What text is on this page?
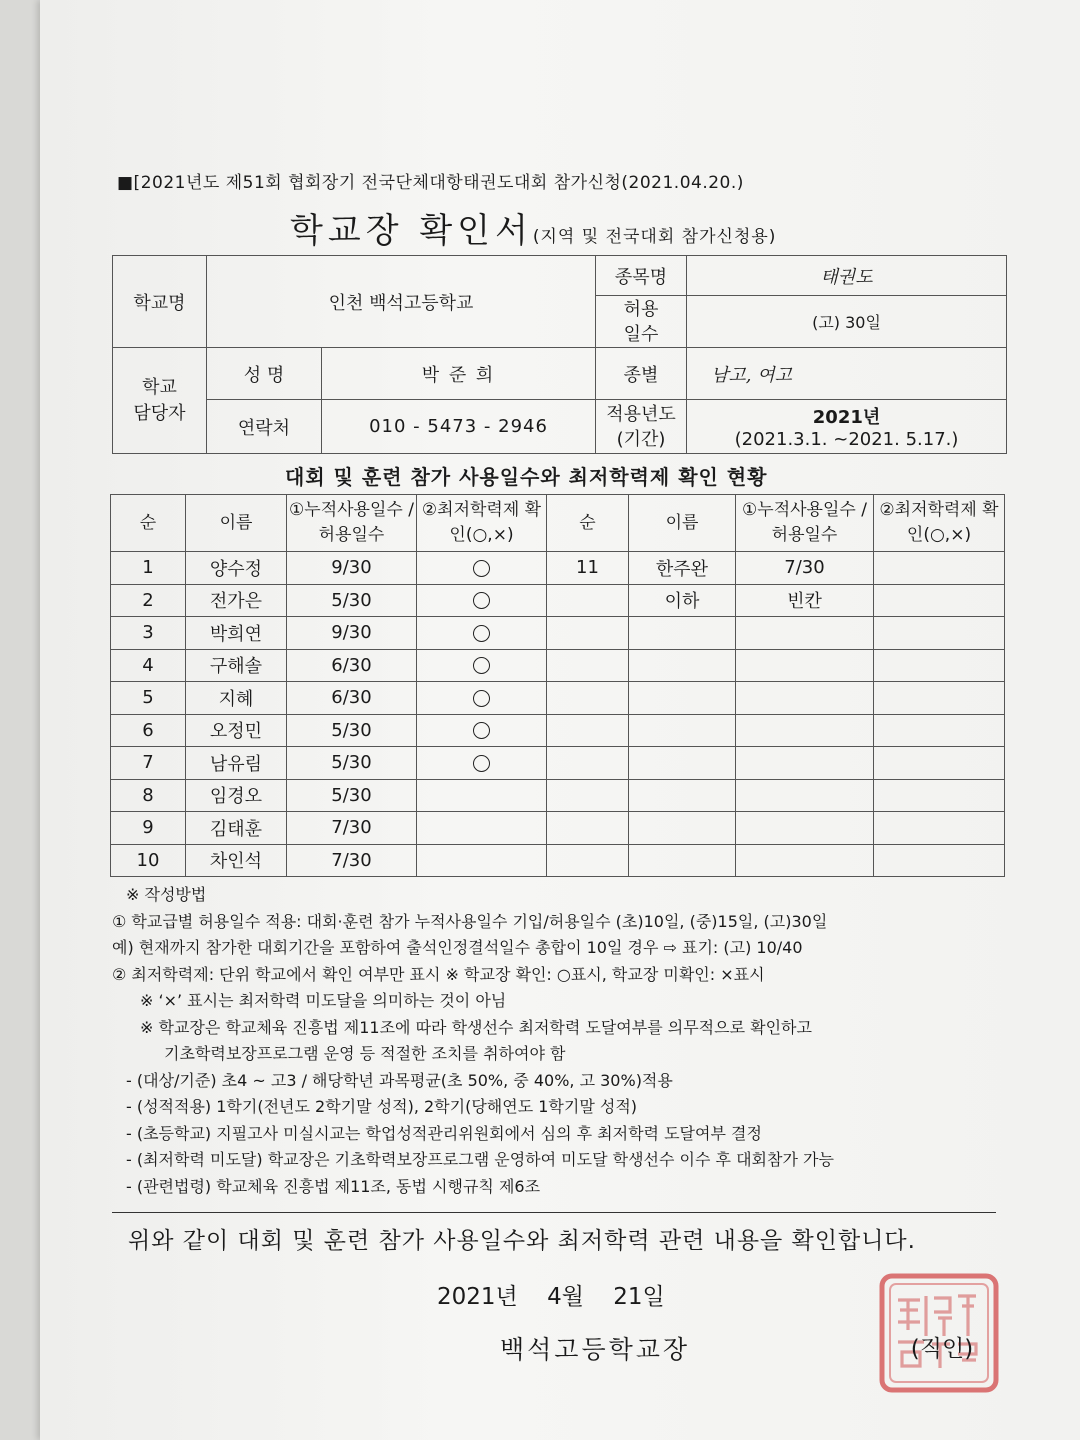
■[2021년도 제51회 협회장기 전국단체대항태권도대회 참가신청(2021.04.20.)
학교장 확인서(지역 및 전국대회 참가신청용)
학교명	인천 백석고등학교		종목명	태권도
			허용 일수	(고) 30일
학교 담당자	성 명	박 준 희	종별	남고, 여고
	연락처	010 - 5473 - 2946	적용년도 (기간)	2021년
(2021.3.1. ~2021. 5.17.)
대회 및 훈련 참가 사용일수와 최저학력제 확인 현황
순	이름	①누적사용일수 /허용일수	②최저학력제 확인(○,×)	순	이름	①누적사용일수 /허용일수	②최저학력제 확인(○,×)
1	양수정	9/30		11	한주완	7/30	
2	전가은	5/30			이하	빈칸	
3	박희연	9/30					
4	구해솔	6/30					
5	지혜	6/30					
6	오정민	5/30					
7	남유림	5/30					
8	임경오	5/30					
9	김태훈	7/30					
10	차인석	7/30					
※ 작성방법
① 학교급별 허용일수 적용: 대회·훈련 참가 누적사용일수 기입/허용일수 (초)10일, (중)15일, (고)30일
예) 현재까지 참가한 대회기간을 포함하여 출석인정결석일수 총합이 10일 경우 ⇨ 표기: (고) 10/40
② 최저학력제: 단위 학교에서 확인 여부만 표시 ※ 학교장 확인: ○표시, 학교장 미확인: ×표시
※ ‘×’ 표시는 최저학력 미도달을 의미하는 것이 아님
※ 학교장은 학교체육 진흥법 제11조에 따라 학생선수 최저학력 도달여부를 의무적으로 확인하고
기초학력보장프로그램 운영 등 적절한 조치를 취하여야 함
- (대상/기준) 초4 ~ 고3 / 해당학년 과목평균(초 50%, 중 40%, 고 30%)적용
- (성적적용) 1학기(전년도 2학기말 성적), 2학기(당해연도 1학기말 성적)
- (초등학교) 지필고사 미실시교는 학업성적관리위원회에서 심의 후 최저학력 도달여부 결정
- (최저학력 미도달) 학교장은 기초학력보장프로그램 운영하여 미도달 학생선수 이수 후 대회참가 가능
- (관련법령) 학교체육 진흥법 제11조, 동법 시행규칙 제6조
위와 같이 대회 및 훈련 참가 사용일수와 최저학력 관련 내용을 확인합니다.
2021년 4월 21일
백석고등학교장	(직인)
